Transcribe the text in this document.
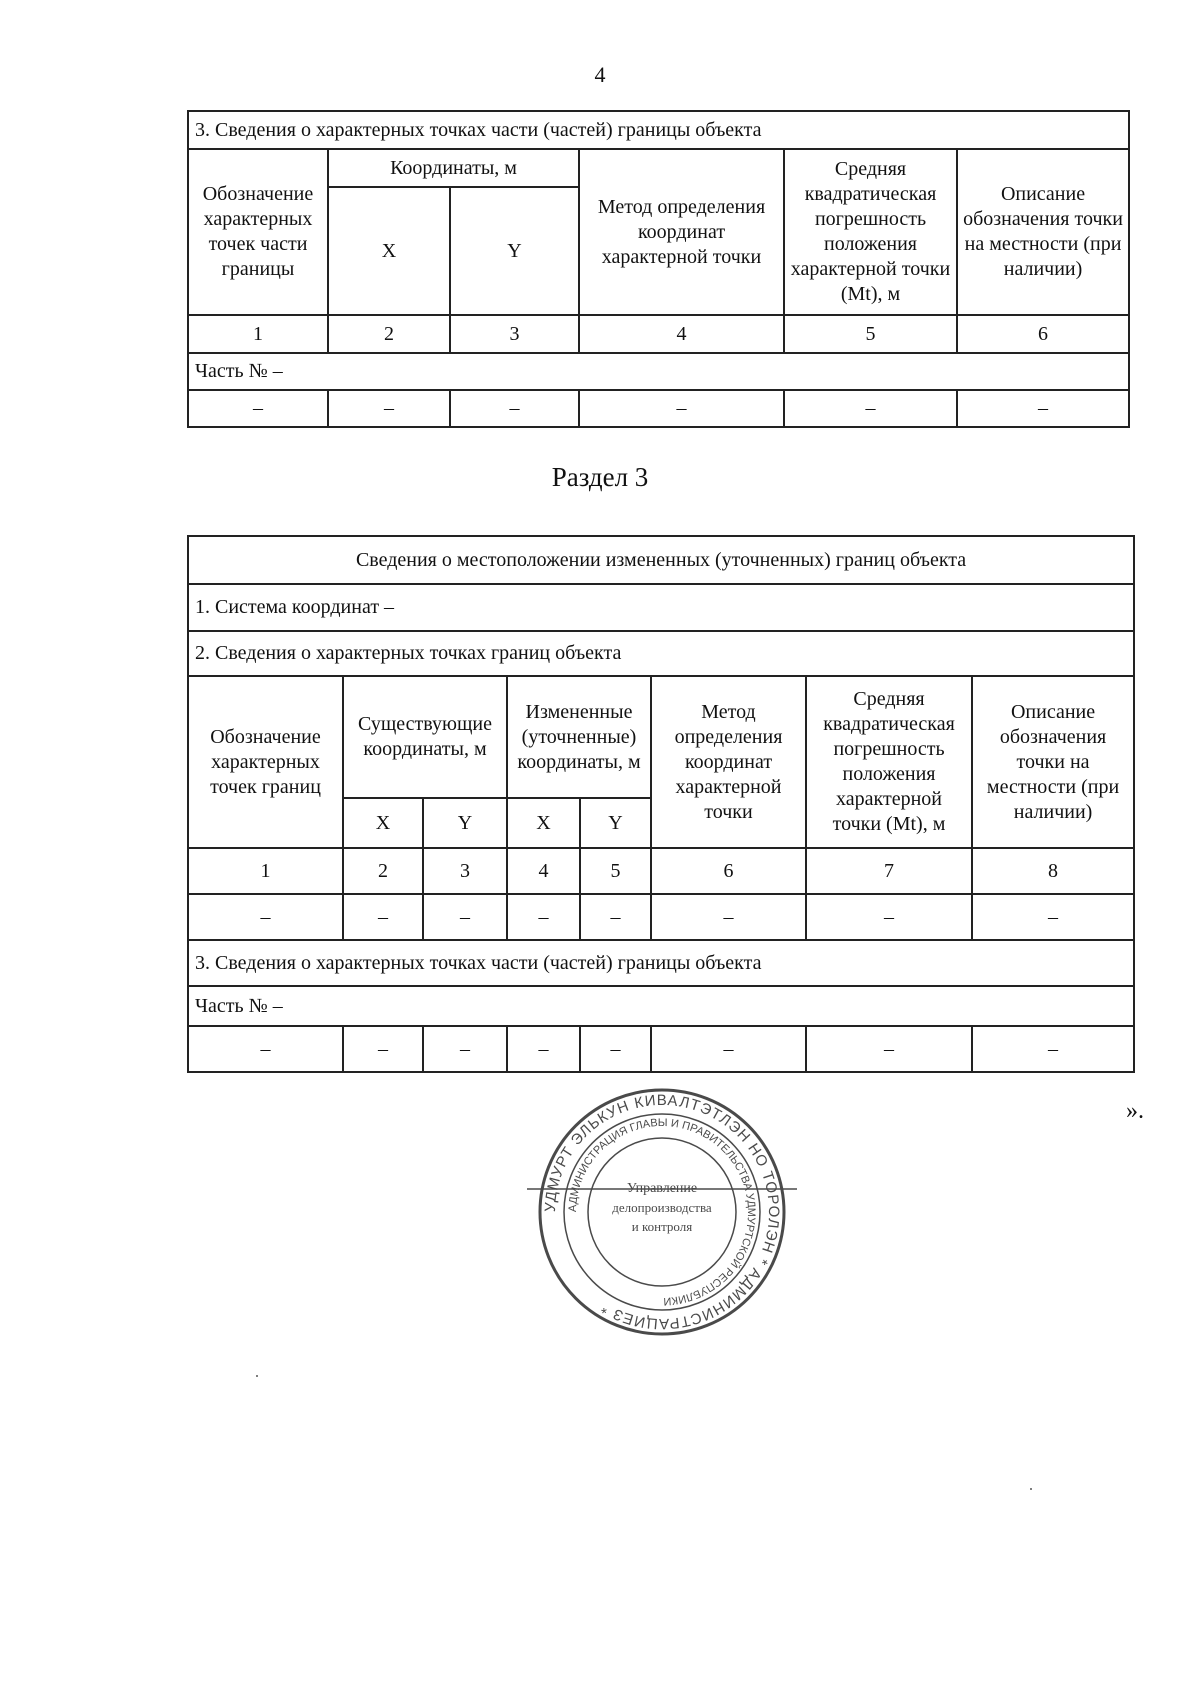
4
3. Сведения о характерных точках части (частей) границы объекта					
Обозначение характерных точек части границы	Координаты, м		Метод определения координат характерной точки	Средняя квадратическая погрешность положения характерной точки (Mt), м	Описание обозначения точки на местности (при наличии)
	X	Y			
1	2	3	4	5	6
Часть № –					
–	–	–	–	–	–
Раздел 3
Сведения о местоположении измененных (уточненных) границ объекта							
1. Система координат –							
2. Сведения о характерных точках границ объекта							
Обозначение характерных точек границ	Существующие координаты, м		Измененные (уточненные) координаты, м		Метод определения координат характерной точки	Средняя квадратическая погрешность положения характерной точки (Mt), м	Описание обозначения точки на местности (при наличии)
	X	Y	X	Y			
1	2	3	4	5	6	7	8
–	–	–	–	–	–	–	–
3. Сведения о характерных точках части (частей) границы объекта							
Часть № –							
–	–	–	–	–	–	–	–
».
УДМУРТ ЭЛЬКУН КИВАЛТЭТЛЭН НО ТОРОЛЭН * АДМИНИСТРАЦИЕЗ *
АДМИНИСТРАЦИЯ ГЛАВЫ И ПРАВИТЕЛЬСТВА УДМУРТСКОЙ РЕСПУБЛИКИ
Управление
делопроизводства
и контроля
